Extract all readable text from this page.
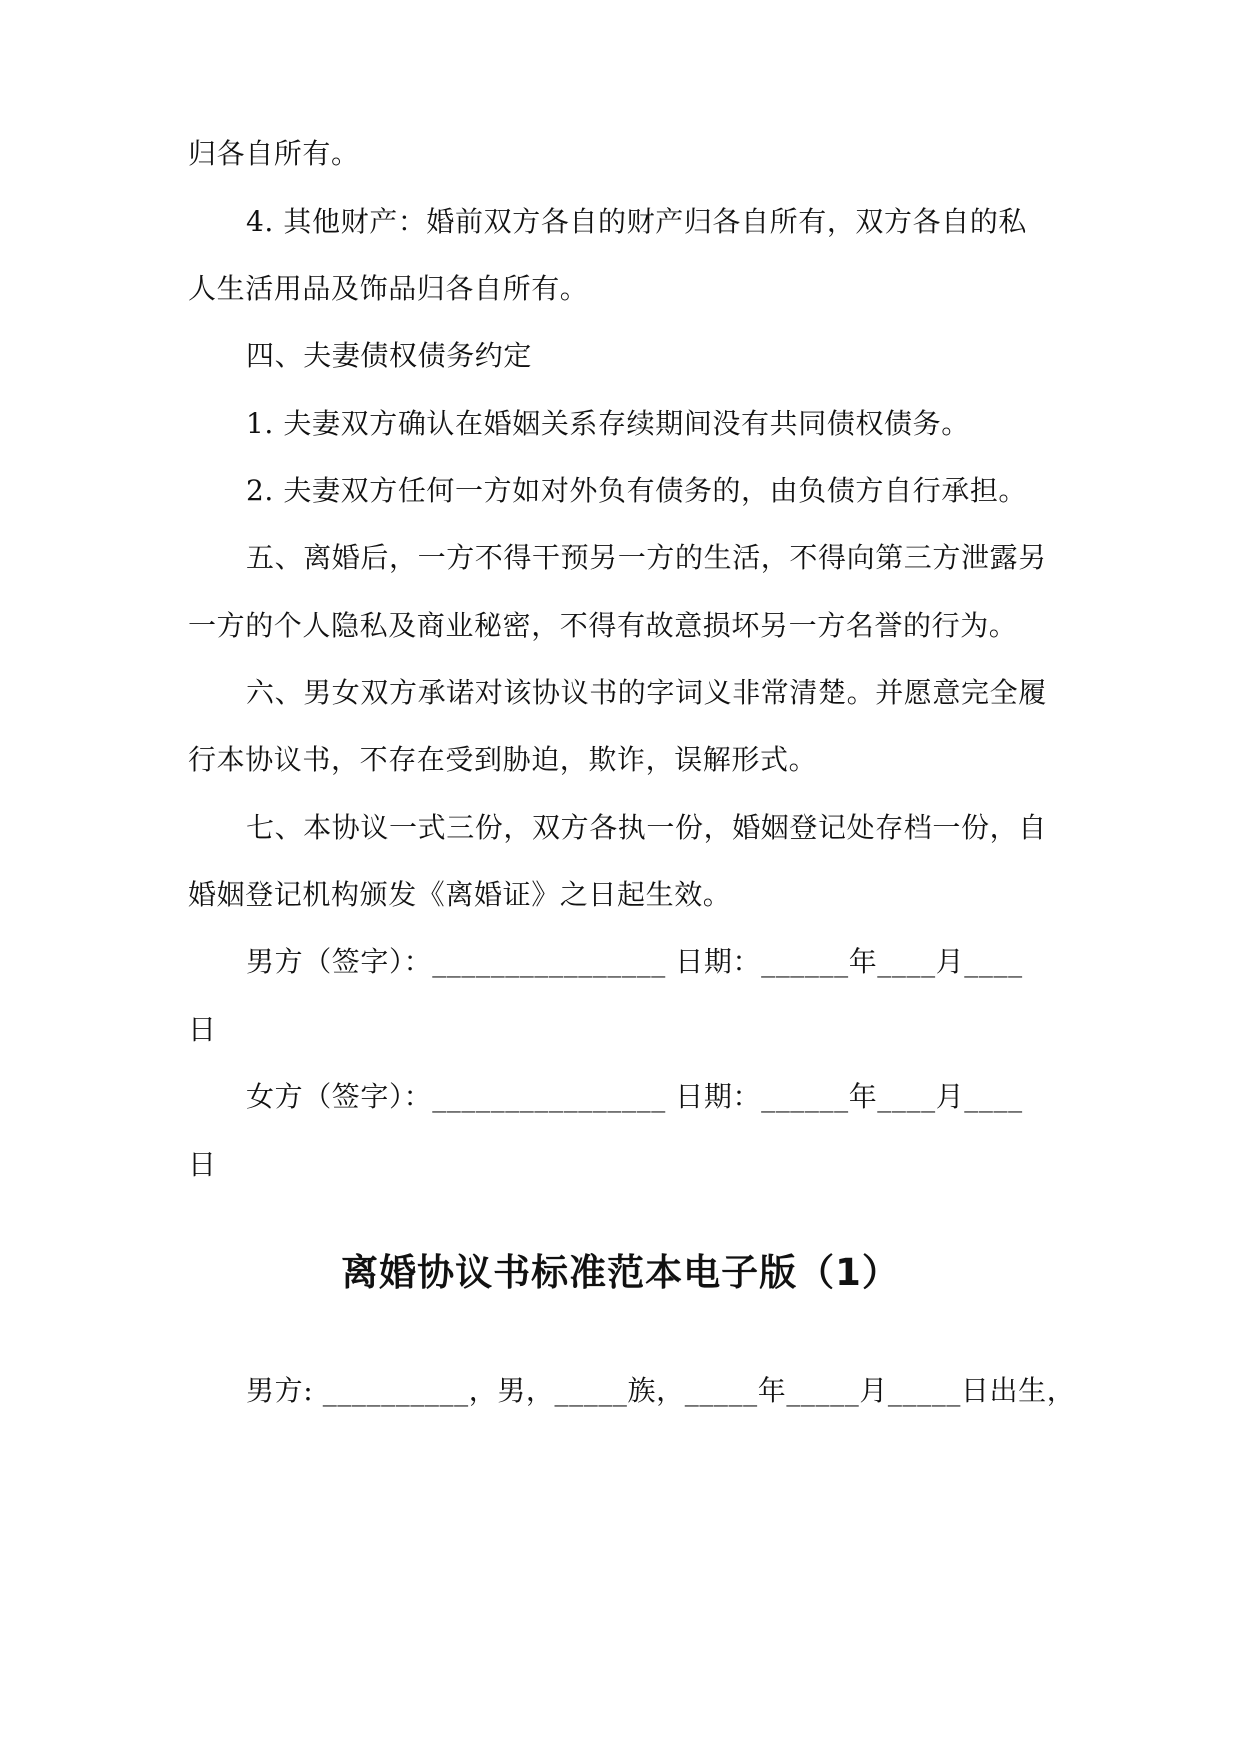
归各自所有。
4. 其他财产：婚前双方各自的财产归各自所有，双方各自的私
人生活用品及饰品归各自所有。
四、夫妻债权债务约定
1. 夫妻双方确认在婚姻关系存续期间没有共同债权债务。
2. 夫妻双方任何一方如对外负有债务的，由负债方自行承担。
五、离婚后，一方不得干预另一方的生活，不得向第三方泄露另
一方的个人隐私及商业秘密，不得有故意损坏另一方名誉的行为。
六、男女双方承诺对该协议书的字词义非常清楚。并愿意完全履
行本协议书，不存在受到胁迫，欺诈，误解形式。
七、本协议一式三份，双方各执一份，婚姻登记处存档一份，自
婚姻登记机构颁发《离婚证》之日起生效。
男方（签字）：________________ 日期：______年____月____
日
女方（签字）：________________ 日期：______年____月____
日
离婚协议书标准范本电子版（1）
男方: __________，男，_____族，_____年_____月_____日出生，
